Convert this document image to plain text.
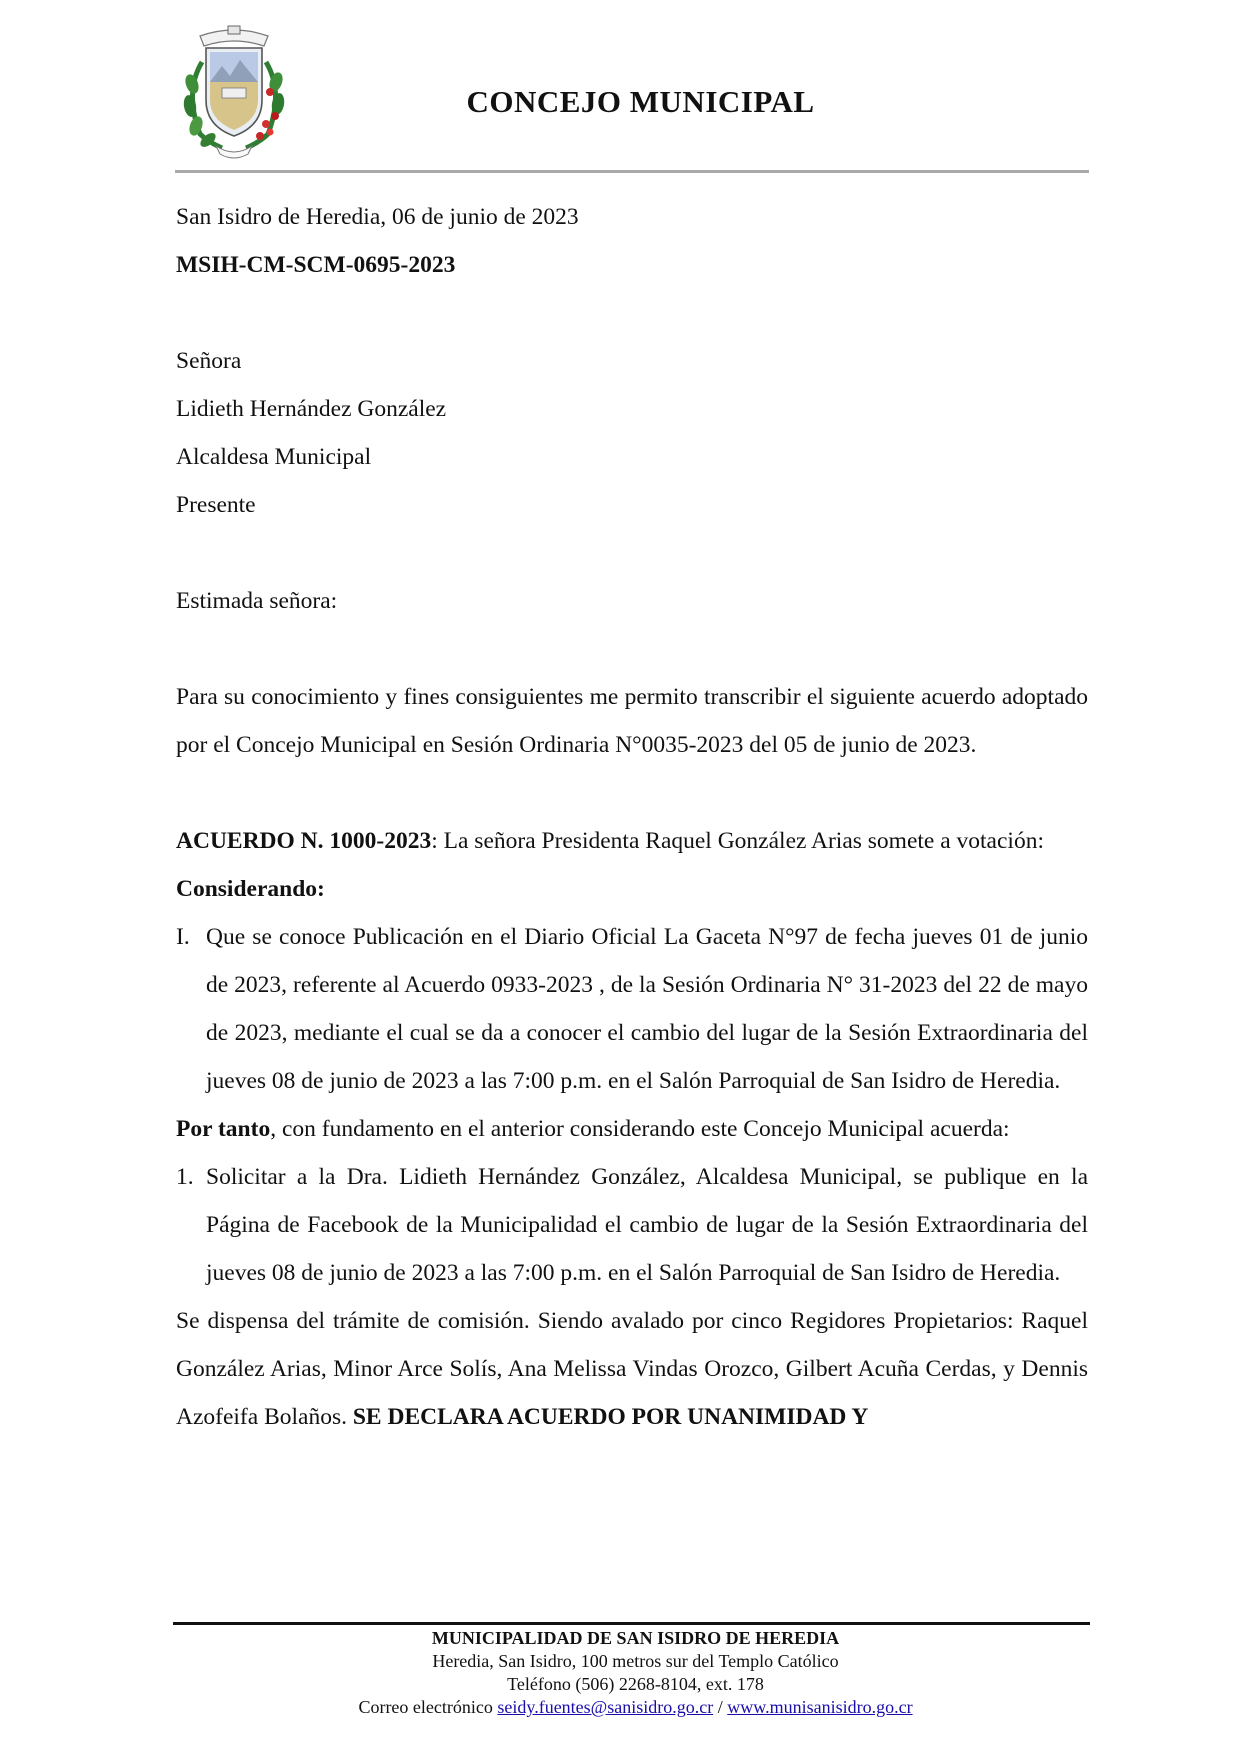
CONCEJO MUNICIPAL

San Isidro de Heredia, 06 de junio de 2023

MSIH-CM-SCM-0695-2023

Señora

Lidieth Hernández González

Alcaldesa Municipal

Presente

Estimada señora:

Para su conocimiento y fines consiguientes me permito transcribir el siguiente acuerdo adoptado por el Concejo Municipal en Sesión Ordinaria N°0035-2023 del 05 de junio de 2023.

ACUERDO N. 1000-2023: La señora Presidenta Raquel González Arias somete a votación:

Considerando:

I. Que se conoce Publicación en el Diario Oficial La Gaceta N°97 de fecha jueves 01 de junio de 2023, referente al Acuerdo 0933-2023 , de la Sesión Ordinaria N° 31-2023 del 22 de mayo de 2023, mediante el cual se da a conocer el cambio del lugar de la Sesión Extraordinaria del jueves 08 de junio de 2023 a las 7:00 p.m. en el Salón Parroquial de San Isidro de Heredia.

Por tanto, con fundamento en el anterior considerando este Concejo Municipal acuerda:

1. Solicitar a la Dra. Lidieth Hernández González, Alcaldesa Municipal, se publique en la Página de Facebook de la Municipalidad el cambio de lugar de la Sesión Extraordinaria del jueves 08 de junio de 2023 a las 7:00 p.m. en el Salón Parroquial de San Isidro de Heredia.

Se dispensa del trámite de comisión. Siendo avalado por cinco Regidores Propietarios: Raquel González Arias, Minor Arce Solís, Ana Melissa Vindas Orozco, Gilbert Acuña Cerdas, y Dennis Azofeifa Bolaños. SE DECLARA ACUERDO POR UNANIMIDAD Y

MUNICIPALIDAD DE SAN ISIDRO DE HEREDIA
Heredia, San Isidro, 100 metros sur del Templo Católico
Teléfono (506) 2268-8104, ext. 178
Correo electrónico seidy.fuentes@sanisidro.go.cr / www.munisanisidro.go.cr
